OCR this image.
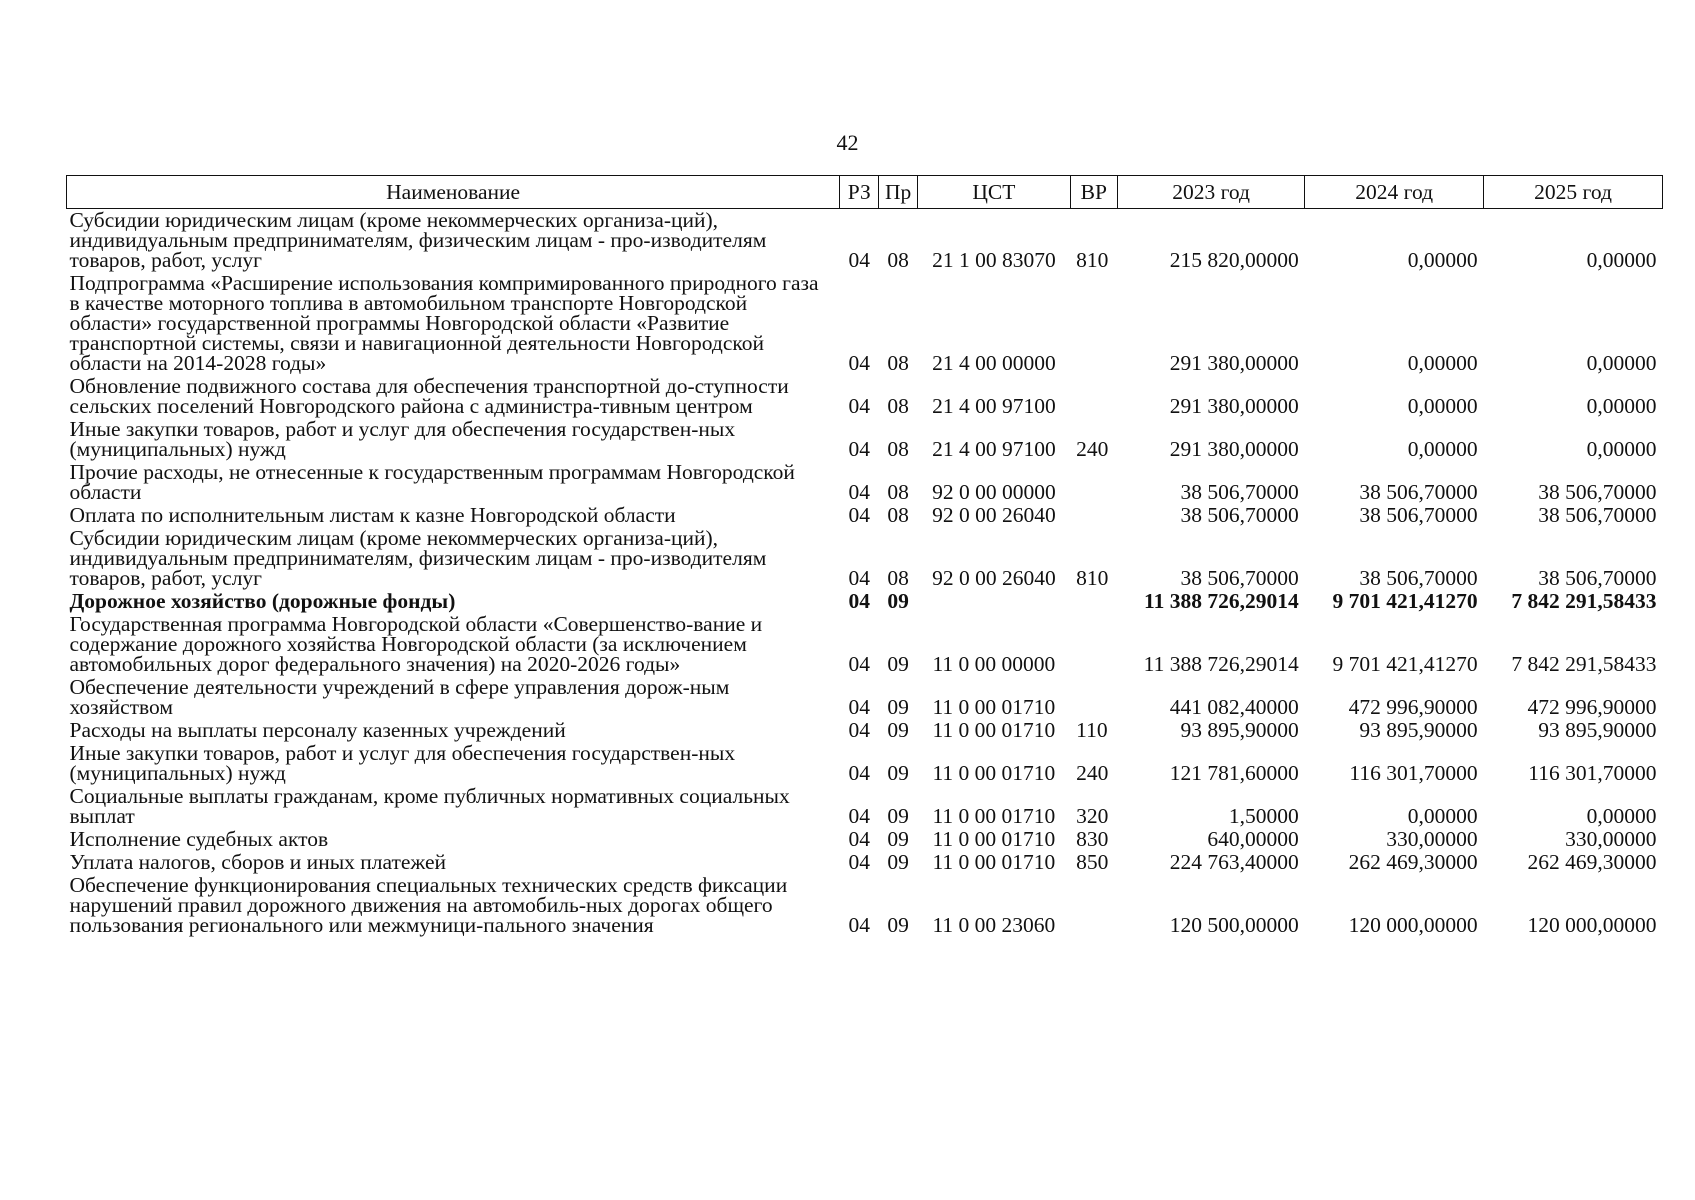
42
Наименование	РЗ	Пр	ЦСТ	ВР	2023 год	2024 год	2025 год
Субсидии юридическим лицам (кроме некоммерческих организа-ций), индивидуальным предпринимателям, физическим лицам - про-изводителям товаров, работ, услуг	04	08	21 1 00 83070	810	215 820,00000	0,00000	0,00000
Подпрограмма «Расширение использования компримированного природного газа в качестве моторного топлива в автомобильном транспорте Новгородской области» государственной программы Новгородской области «Развитие транспортной системы, связи и навигационной деятельности Новгородской области на 2014-2028 годы»	04	08	21 4 00 00000		291 380,00000	0,00000	0,00000
Обновление подвижного состава для обеспечения транспортной до-ступности сельских поселений Новгородского района с администра-тивным центром	04	08	21 4 00 97100		291 380,00000	0,00000	0,00000
Иные закупки товаров, работ и услуг для обеспечения государствен-ных (муниципальных) нужд	04	08	21 4 00 97100	240	291 380,00000	0,00000	0,00000
Прочие расходы, не отнесенные к государственным программам Новгородской области	04	08	92 0 00 00000		38 506,70000	38 506,70000	38 506,70000
Оплата по исполнительным листам к казне Новгородской области	04	08	92 0 00 26040		38 506,70000	38 506,70000	38 506,70000
Субсидии юридическим лицам (кроме некоммерческих организа-ций), индивидуальным предпринимателям, физическим лицам - про-изводителям товаров, работ, услуг	04	08	92 0 00 26040	810	38 506,70000	38 506,70000	38 506,70000
Дорожное хозяйство (дорожные фонды)	04	09			11 388 726,29014	9 701 421,41270	7 842 291,58433
Государственная программа Новгородской области «Совершенство-вание и содержание дорожного хозяйства Новгородской области (за исключением автомобильных дорог федерального значения) на 2020-2026 годы»	04	09	11 0 00 00000		11 388 726,29014	9 701 421,41270	7 842 291,58433
Обеспечение деятельности учреждений в сфере управления дорож-ным хозяйством	04	09	11 0 00 01710		441 082,40000	472 996,90000	472 996,90000
Расходы на выплаты персоналу казенных учреждений	04	09	11 0 00 01710	110	93 895,90000	93 895,90000	93 895,90000
Иные закупки товаров, работ и услуг для обеспечения государствен-ных (муниципальных) нужд	04	09	11 0 00 01710	240	121 781,60000	116 301,70000	116 301,70000
Социальные выплаты гражданам, кроме публичных нормативных социальных выплат	04	09	11 0 00 01710	320	1,50000	0,00000	0,00000
Исполнение судебных актов	04	09	11 0 00 01710	830	640,00000	330,00000	330,00000
Уплата налогов, сборов и иных платежей	04	09	11 0 00 01710	850	224 763,40000	262 469,30000	262 469,30000
Обеспечение функционирования специальных технических средств фиксации нарушений правил дорожного движения на автомобиль-ных дорогах общего пользования регионального или межмуници-пального значения	04	09	11 0 00 23060		120 500,00000	120 000,00000	120 000,00000
